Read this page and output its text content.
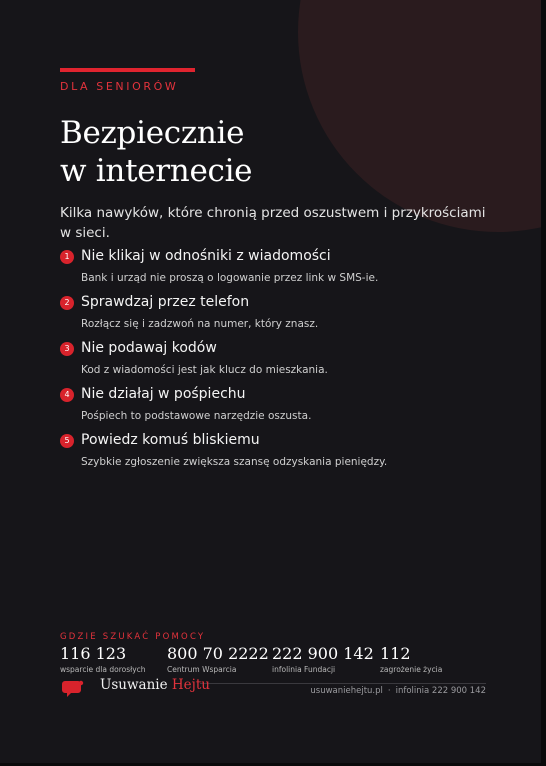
DLA SENIORÓW
Bezpiecznie
w internecie

Kilka nawyków, które chronią przed oszustwem i przykrościami w sieci.

1 Nie klikaj w odnośniki z wiadomości
Bank i urząd nie proszą o logowanie przez link w SMS-ie.
2 Sprawdzaj przez telefon
Rozłącz się i zadzwoń na numer, który znasz.
3 Nie podawaj kodów
Kod z wiadomości jest jak klucz do mieszkania.
4 Nie działaj w pośpiechu
Pośpiech to podstawowe narzędzie oszusta.
5 Powiedz komuś bliskiemu
Szybkie zgłoszenie zwiększa szansę odzyskania pieniędzy.
GDZIE SZUKAĆ POMOCY
116 123
wsparcie dla dorosłych
800 70 2222
Centrum Wsparcia
222 900 142
infolinia Fundacji
112
zagrożenie życia
Usuwanie Hejtu	usuwaniehejtu.pl · infolinia 222 900 142
